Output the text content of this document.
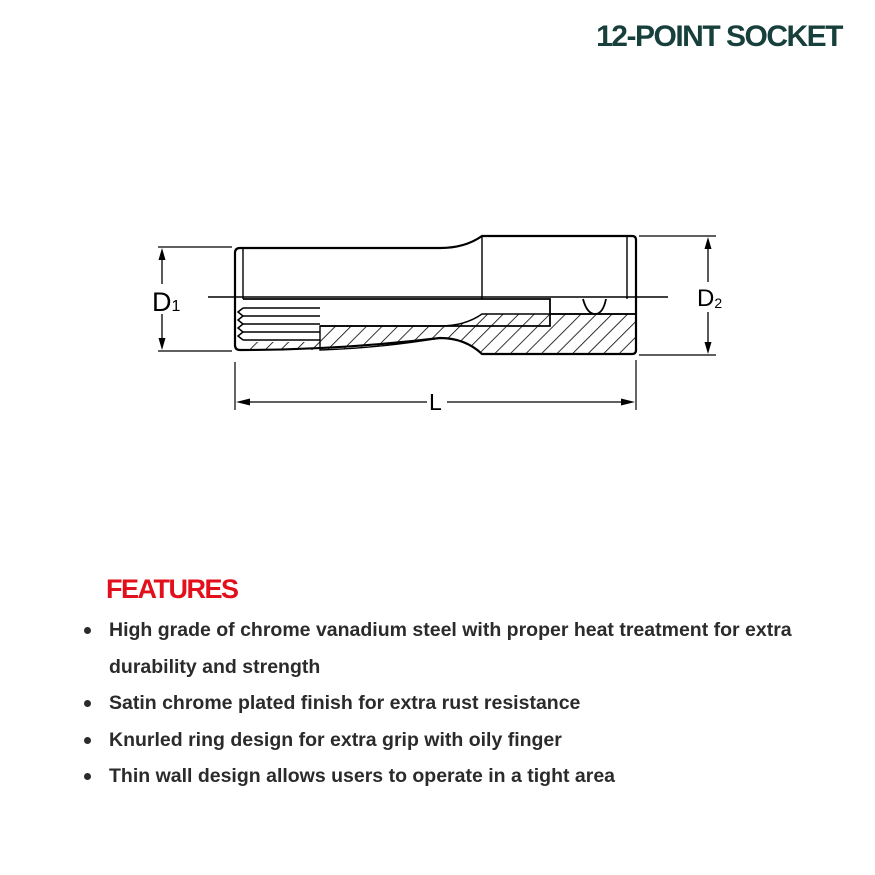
12-POINT SOCKET
D1	D2
L
FEATURES
High grade of chrome vanadium steel with proper heat treatment for extra durability and strength
Satin chrome plated finish for extra rust resistance
Knurled ring design for extra grip with oily finger
Thin wall design allows users to operate in a tight area
